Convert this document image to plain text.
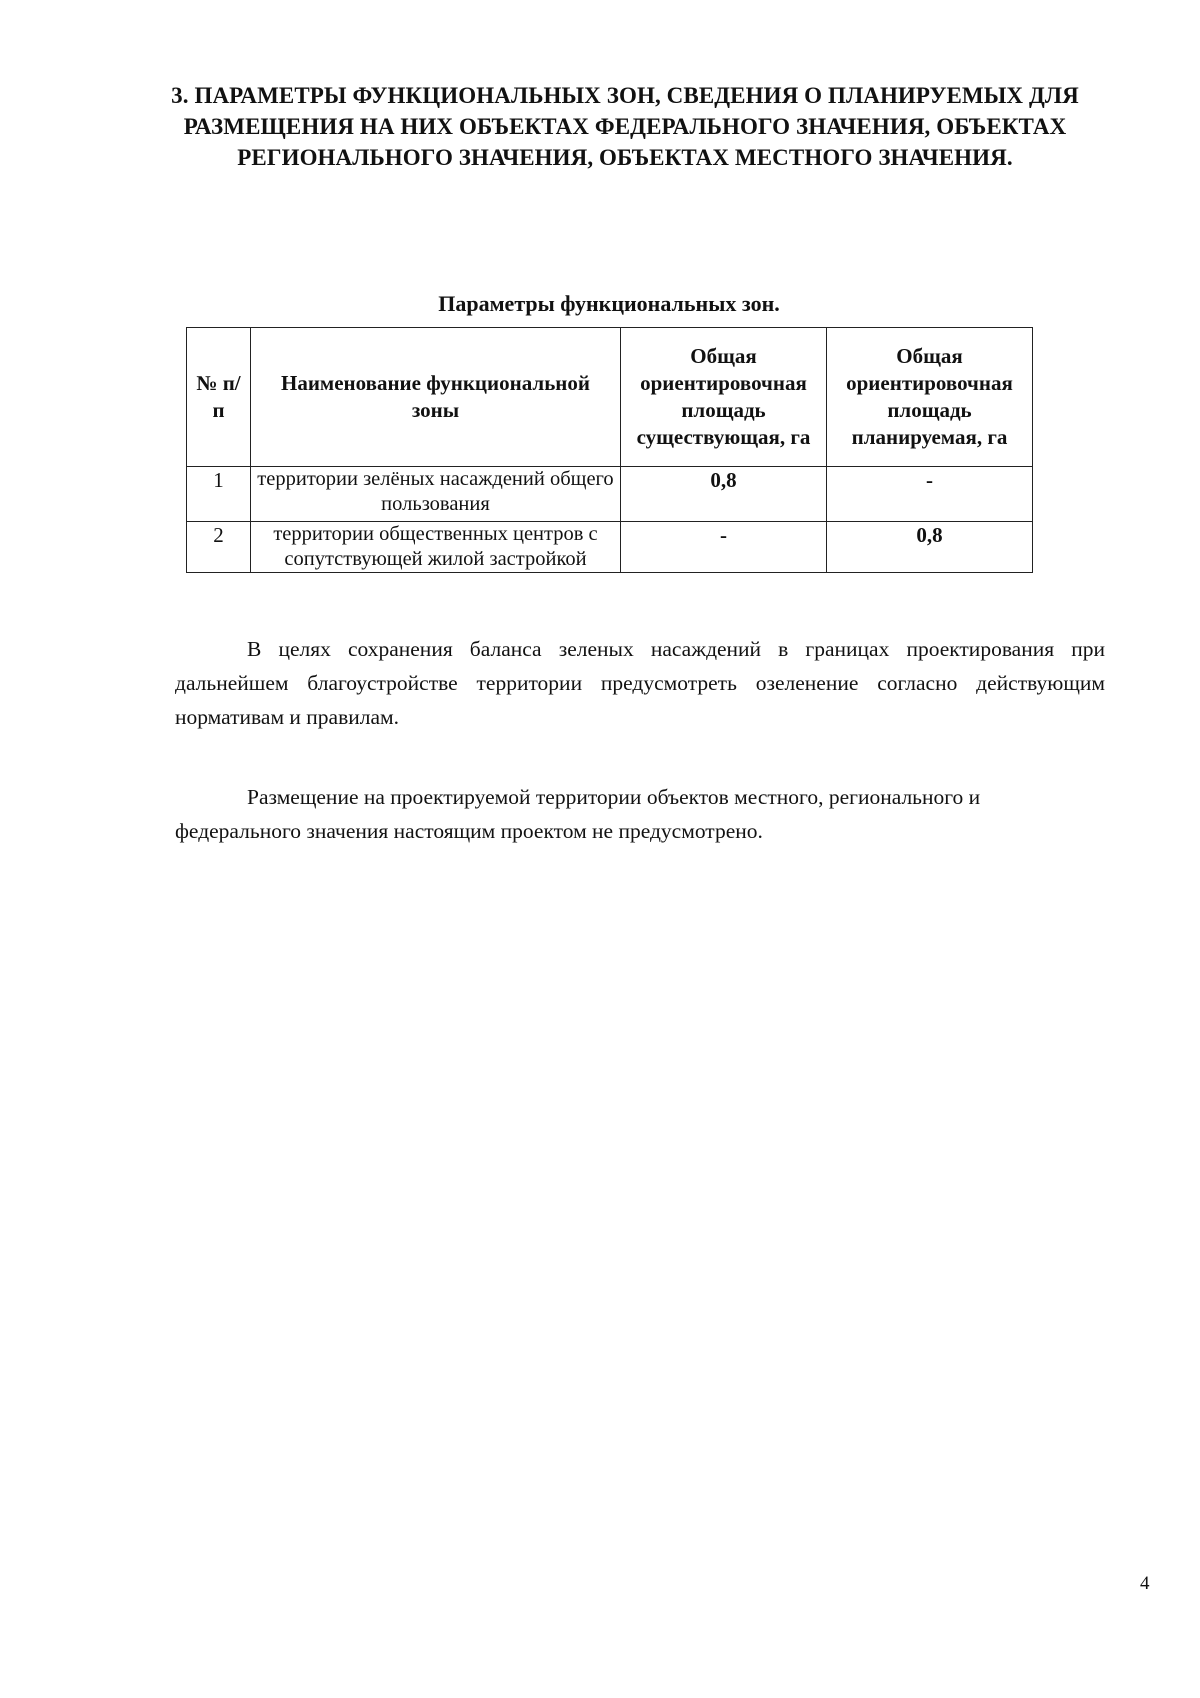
3. ПАРАМЕТРЫ ФУНКЦИОНАЛЬНЫХ ЗОН, СВЕДЕНИЯ О ПЛАНИРУЕМЫХ ДЛЯ
РАЗМЕЩЕНИЯ НА НИХ ОБЪЕКТАХ ФЕДЕРАЛЬНОГО ЗНАЧЕНИЯ, ОБЪЕКТАХ
РЕГИОНАЛЬНОГО ЗНАЧЕНИЯ, ОБЪЕКТАХ МЕСТНОГО ЗНАЧЕНИЯ.
Параметры функциональных зон.
№ п/п	Наименование функциональной зоны	Общая ориентировочная площадь существующая, га	Общая ориентировочная площадь планируемая, га
1	территории зелёных насаждений общего пользования	0,8	-
2	территории общественных центров с сопутствующей жилой застройкой	-	0,8

В целях сохранения баланса зеленых насаждений в границах проектирования при дальнейшем благоустройстве территории предусмотреть озеленение согласно действующим нормативам и правилам.

Размещение на проектируемой территории объектов местного, регионального и федерального значения настоящим проектом не предусмотрено.

4
